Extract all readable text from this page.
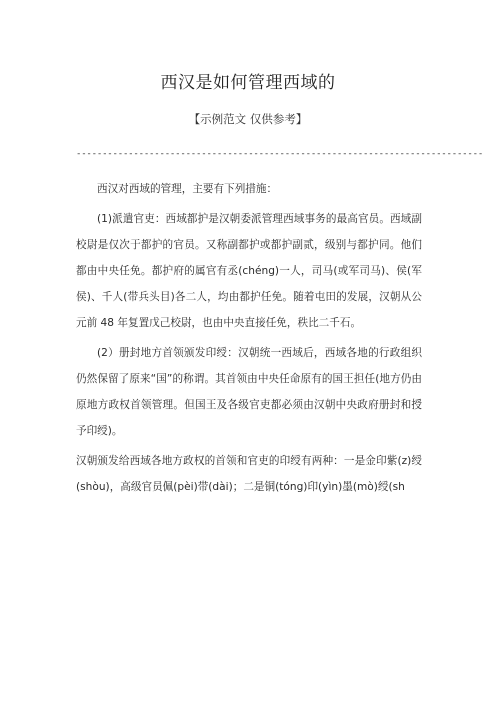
西汉是如何管理西域的
【示例范文 仅供参考】
------------------------------------------------------------------------------

西汉对西域的管理，主要有下列措施：

(1)派遣官吏：西域都护是汉朝委派管理西域事务的最高官员。西域副校尉是仅次于都护的官员。又称副都护或都护副贰，级别与都护同。他们都由中央任免。都护府的属官有丞(chéng)一人，司马(或军司马)、侯(军侯)、千人(带兵头目)各二人，均由都护任免。随着屯田的发展，汉朝从公元前 48 年复置戊己校尉，也由中央直接任免，秩比二千石。

(2）册封地方首领颁发印绶：汉朝统一西域后，西域各地的行政组织仍然保留了原来“国”的称谓。其首领由中央任命原有的国王担任(地方仍由原地方政权首领管理。但国王及各级官吏都必须由汉朝中央政府册封和授予印绶)。

汉朝颁发给西域各地方政权的首领和官吏的印绶有两种：一是金印紫(z)绶(shòu)，高级官员佩(pèi)带(dài)；二是铜(tóng)印(yìn)墨(mò)绶(sh
